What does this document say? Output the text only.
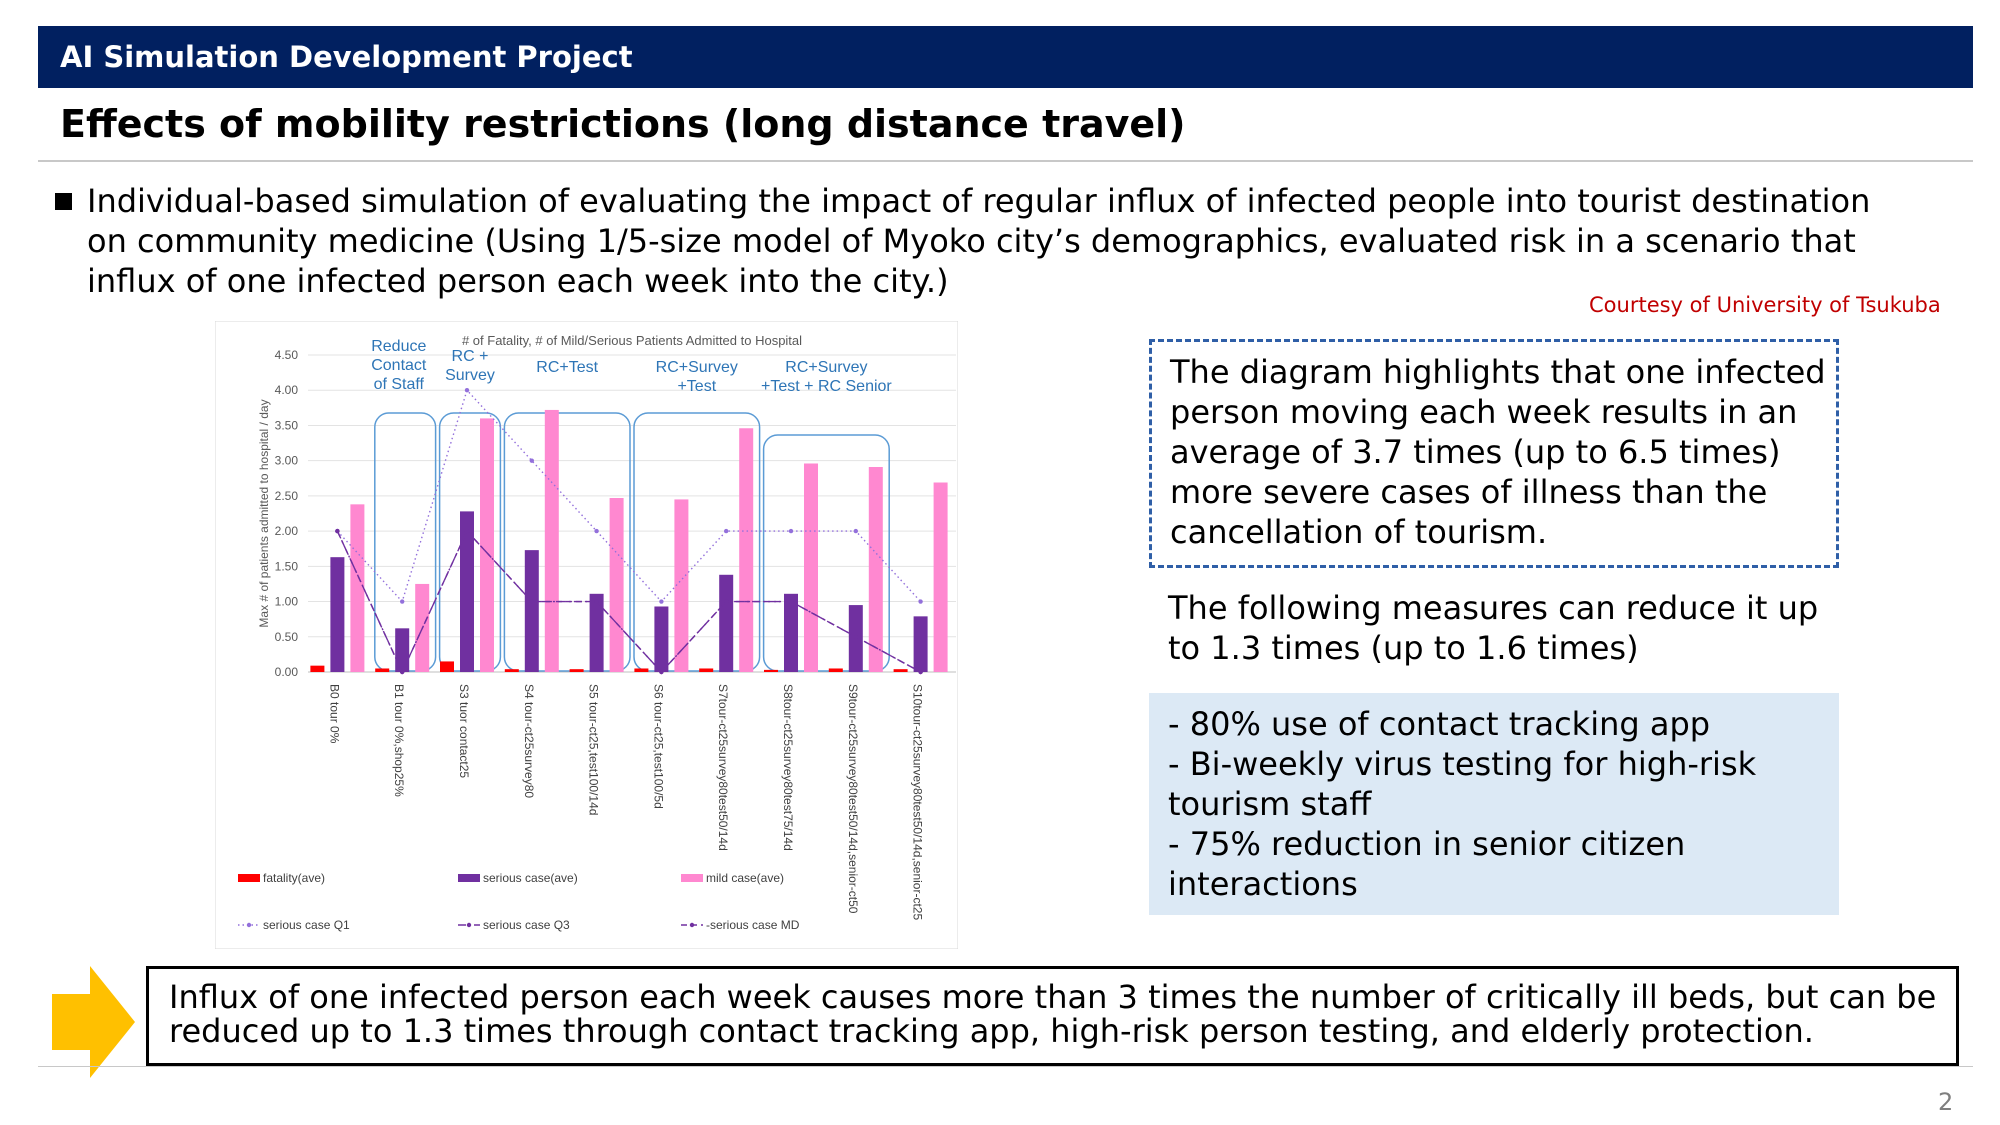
AI Simulation Development Project
Effects of mobility restrictions (long distance travel)
Individual-based simulation of evaluating the impact of regular influx of infected people into tourist destination on community medicine (Using 1/5-size model of Myoko city’s demographics, evaluated risk in a scenario that influx of one infected person each week into the city.)
Courtesy of University of Tsukuba
# of Fatality, # of Mild/Serious Patients Admitted to Hospital
0.00
0.50
1.00
1.50
2.00
2.50
3.00
3.50
4.00
4.50
Max # of patients admitted to hospital / day
Reduce
Contact
of Staff
RC +
Survey	RC+Test	RC+Survey
+Test
RC+Survey
+Test + RC Senior
B0 tour 0%	B1 tour 0%,shop25%	S3 tuor contact25	S4 tour-ct25survey80	S5 tour-ct25,test100/14d	S6 tour-ct25,test100/5d	S7tour-ct25survey80test50/14d	S8tour-ct25survey80test75/14d	S9tour-ct25survey80test50/14d,senior-ct50	S10tour-ct25survey80test50/14d,senior-ct25
fatality(ave)	serious case(ave)	mild case(ave)
serious case Q1	serious case Q3	-serious case MD
The diagram highlights that one infected person moving each week results in an average of 3.7 times (up to 6.5 times) more severe cases of illness than the cancellation of tourism.
The following measures can reduce it up to 1.3 times (up to 1.6 times)
- 80% use of contact tracking app
- Bi-weekly virus testing for high-risk tourism staff
- 75% reduction in senior citizen interactions
Influx of one infected person each week causes more than 3 times the number of critically ill beds, but can be reduced up to 1.3 times through contact tracking app, high-risk person testing, and elderly protection.
2
